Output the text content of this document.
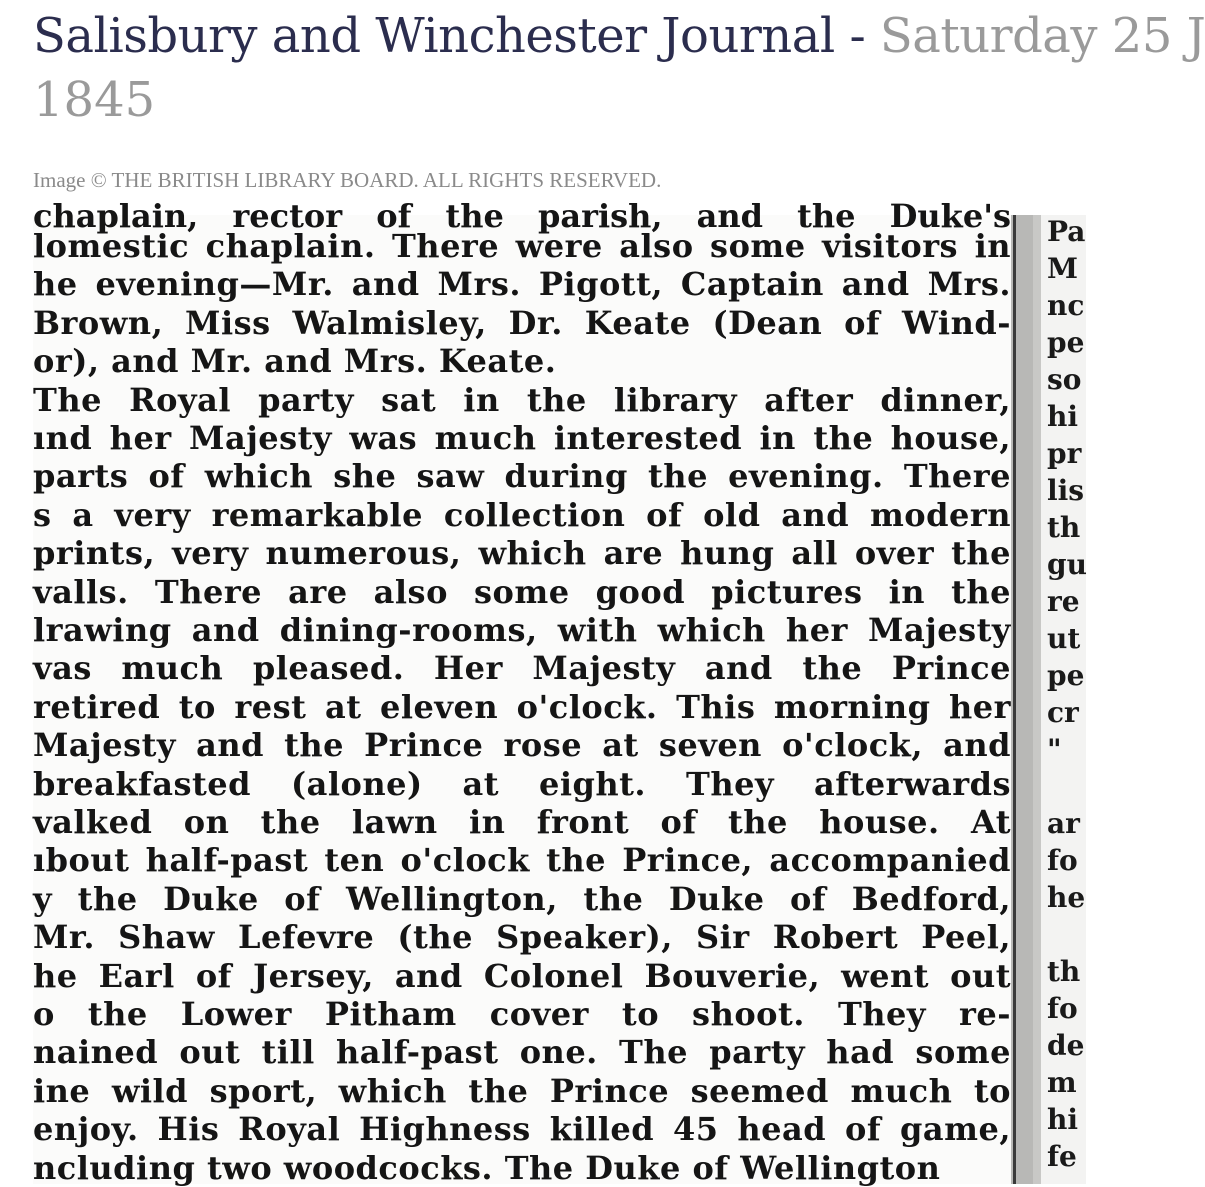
Salisbury and Winchester Journal - Saturday 25 J
1845
Image © THE BRITISH LIBRARY BOARD. ALL RIGHTS RESERVED.
chaplain, rector of the parish, and the Duke's
lomestic chaplain. There were also some visitors in
he evening—Mr. and Mrs. Pigott, Captain and Mrs.
Brown, Miss Walmisley, Dr. Keate (Dean of Wind-
or), and Mr. and Mrs. Keate.
The Royal party sat in the library after dinner,
ınd her Majesty was much interested in the house,
parts of which she saw during the evening. There
s a very remarkable collection of old and modern
prints, very numerous, which are hung all over the
valls. There are also some good pictures in the
lrawing and dining-rooms, with which her Majesty
vas much pleased. Her Majesty and the Prince
retired to rest at eleven o'clock. This morning her
Majesty and the Prince rose at seven o'clock, and
breakfasted (alone) at eight. They afterwards
valked on the lawn in front of the house. At
ıbout half-past ten o'clock the Prince, accompanied
y the Duke of Wellington, the Duke of Bedford,
Mr. Shaw Lefevre (the Speaker), Sir Robert Peel,
he Earl of Jersey, and Colonel Bouverie, went out
o the Lower Pitham cover to shoot. They re-
nained out till half-past one. The party had some
ine wild sport, which the Prince seemed much to
enjoy. His Royal Highness killed 45 head of game,
ncluding two woodcocks. The Duke of Wellington
Pa
M
nc
pe
so
hi
pr
lis
th
gu
re
ut
pe
cr
"
ar
fo
he
th
fo
de
m
hi
fe
